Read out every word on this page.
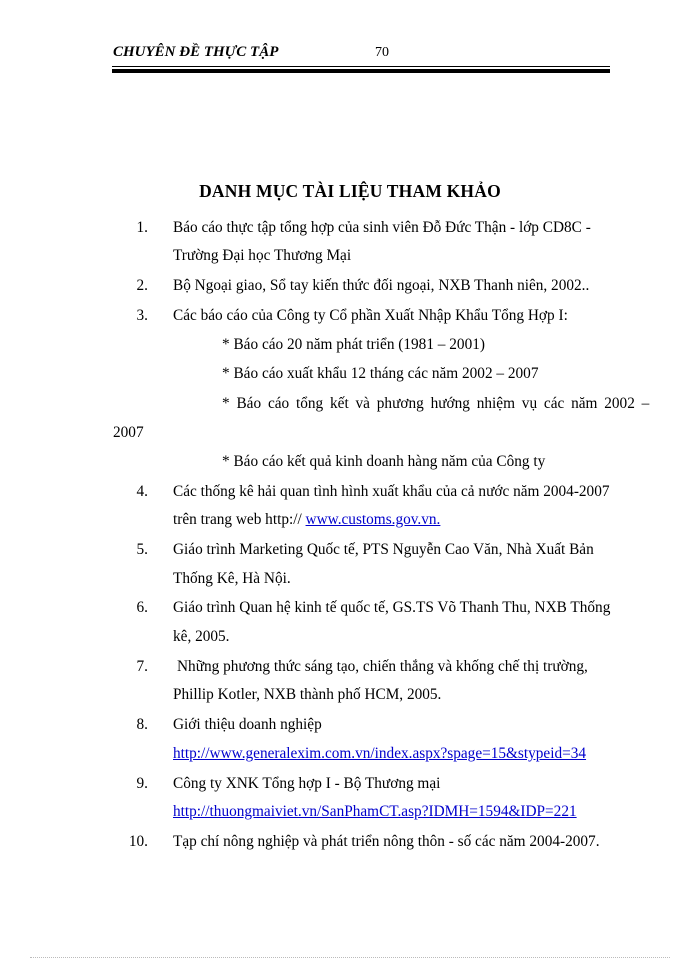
CHUYÊN ĐỀ THỰC TẬP	70
DANH MỤC TÀI LIỆU THAM KHẢO
1. Báo cáo thực tập tổng hợp của sinh viên Đỗ Đức Thận - lớp CD8C -
Trường Đại học Thương Mại
2. Bộ Ngoại giao, Sổ tay kiến thức đối ngoại, NXB Thanh niên, 2002..
3. Các báo cáo của Công ty Cổ phần Xuất Nhập Khẩu Tổng Hợp I:
* Báo cáo 20 năm phát triển (1981 – 2001)
* Báo cáo xuất khẩu 12 tháng các năm 2002 – 2007
* Báo cáo tổng kết và phương hướng nhiệm vụ các năm 2002 –
2007
* Báo cáo kết quả kinh doanh hàng năm của Công ty
4. Các thống kê hải quan tình hình xuất khẩu của cả nước năm 2004-2007
trên trang web http:// www.customs.gov.vn.
5. Giáo trình Marketing Quốc tế, PTS Nguyễn Cao Văn, Nhà Xuất Bản
Thống Kê, Hà Nội.
6. Giáo trình Quan hệ kinh tế quốc tế, GS.TS Võ Thanh Thu, NXB Thống
kê, 2005.
7. Những phương thức sáng tạo, chiến thắng và khống chế thị trường,
Phillip Kotler, NXB thành phố HCM, 2005.
8. Giới thiệu doanh nghiệp
http://www.generalexim.com.vn/index.aspx?spage=15&stypeid=34
9. Công ty XNK Tổng hợp I - Bộ Thương mại
http://thuongmaiviet.vn/SanPhamCT.asp?IDMH=1594&IDP=221
10. Tạp chí nông nghiệp và phát triển nông thôn - số các năm 2004-2007.
